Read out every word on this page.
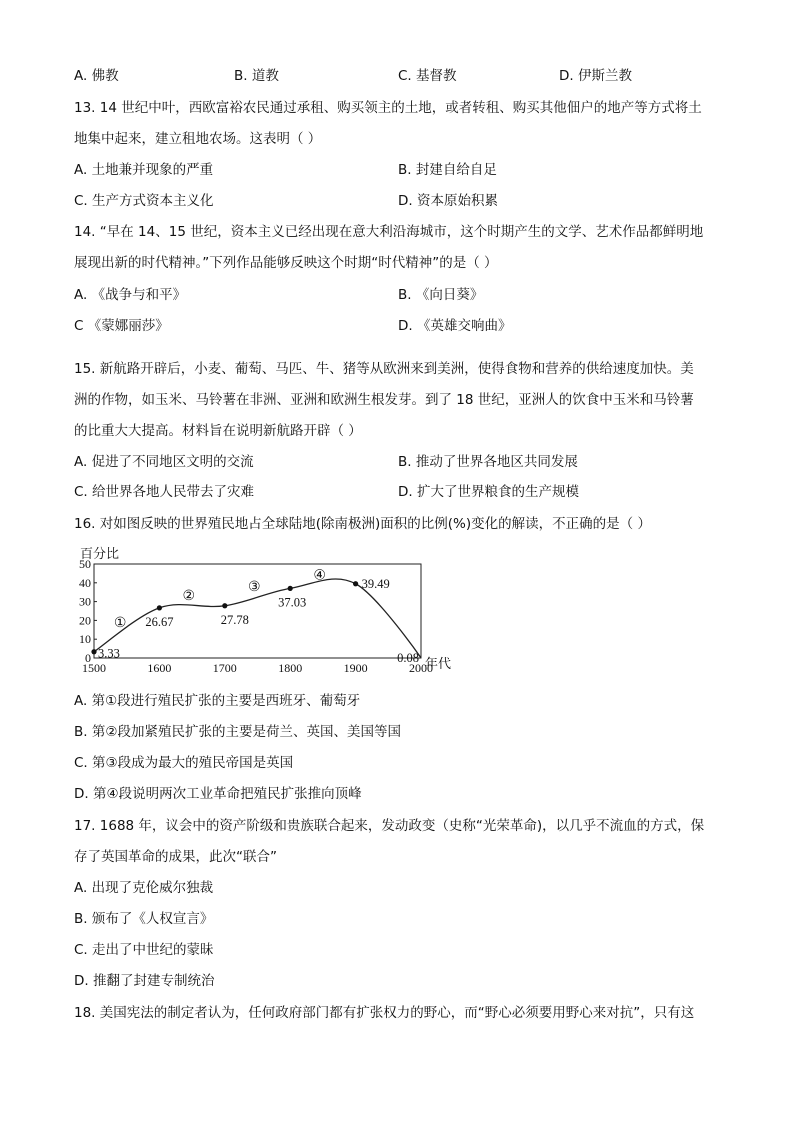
A. 佛教	B. 道教	C. 基督教	D. 伊斯兰教
13. 14 世纪中叶，西欧富裕农民通过承租、购买领主的土地，或者转租、购买其他佃户的地产等方式将土
地集中起来，建立租地农场。这表明（ ）
A. 土地兼并现象的严重	B. 封建自给自足
C. 生产方式资本主义化	D. 资本原始积累
14. “早在 14、15 世纪，资本主义已经出现在意大利沿海城市，这个时期产生的文学、艺术作品都鲜明地
展现出新的时代精神。”下列作品能够反映这个时期“时代精神”的是（ ）
A. 《战争与和平》	B. 《向日葵》
C 《蒙娜丽莎》	D. 《英雄交响曲》
15. 新航路开辟后，小麦、葡萄、马匹、牛、猪等从欧洲来到美洲，使得食物和营养的供给速度加快。美
洲的作物，如玉米、马铃薯在非洲、亚洲和欧洲生根发芽。到了 18 世纪，亚洲人的饮食中玉米和马铃薯
的比重大大提高。材料旨在说明新航路开辟（ ）
A. 促进了不同地区文明的交流	B. 推动了世界各地区共同发展
C. 给世界各地人民带去了灾难	D. 扩大了世界粮食的生产规模
16. 对如图反映的世界殖民地占全球陆地(除南极洲)面积的比例(%)变化的解读，不正确的是（ ）
百分比
0
10
20
30
40
50
1500	1600	1700	1800	1900	2000
3.33
26.67	27.78
37.03
39.49
0.08
①
②
③
④
年代
A. 第①段进行殖民扩张的主要是西班牙、葡萄牙
B. 第②段加紧殖民扩张的主要是荷兰、英国、美国等国
C. 第③段成为最大的殖民帝国是英国
D. 第④段说明两次工业革命把殖民扩张推向顶峰
17. 1688 年，议会中的资产阶级和贵族联合起来，发动政变（史称“光荣革命)，以几乎不流血的方式，保
存了英国革命的成果，此次“联合”
A. 出现了克伦威尔独裁
B. 颁布了《人权宣言》
C. 走出了中世纪的蒙昧
D. 推翻了封建专制统治
18. 美国宪法的制定者认为，任何政府部门都有扩张权力的野心，而“野心必须要用野心来对抗”，只有这
